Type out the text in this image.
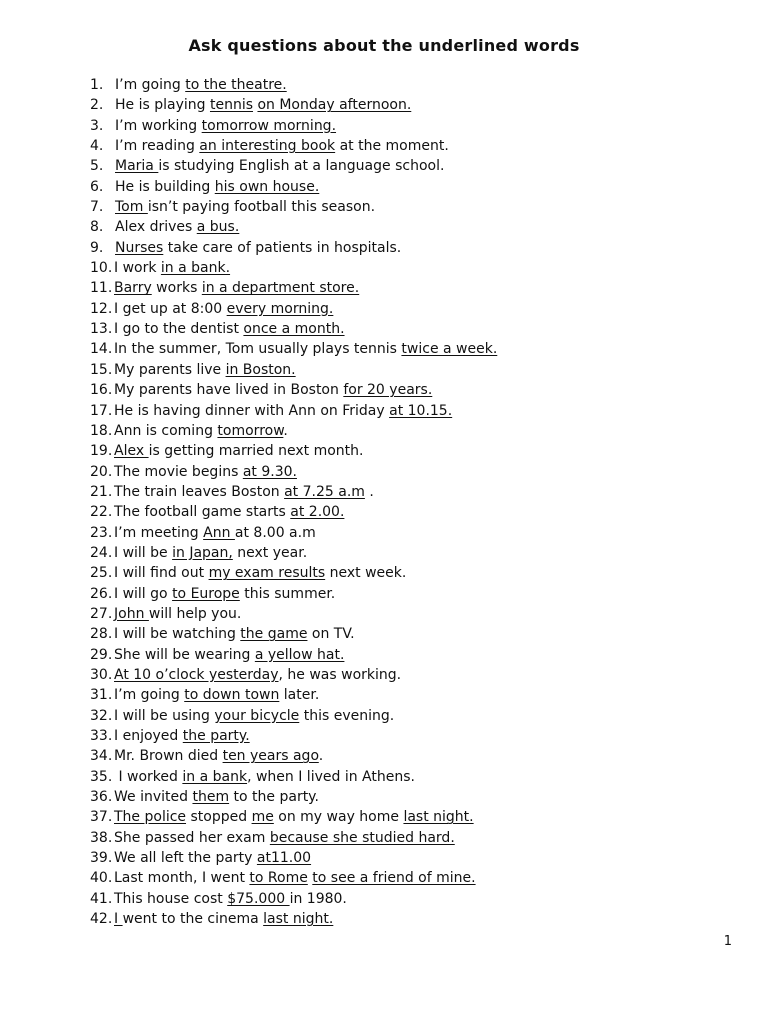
Ask questions about the underlined words
1. I’m going to the theatre.
2. He is playing tennis on Monday afternoon.
3. I’m working tomorrow morning.
4. I’m reading an interesting book at the moment.
5. Maria is studying English at a language school.
6. He is building his own house.
7. Tom isn’t paying football this season.
8. Alex drives a bus.
9. Nurses take care of patients in hospitals.
10. I work in a bank.
11. Barry works in a department store.
12. I get up at 8:00 every morning.
13. I go to the dentist once a month.
14. In the summer, Tom usually plays tennis twice a week.
15. My parents live in Boston.
16. My parents have lived in Boston for 20 years.
17. He is having dinner with Ann on Friday at 10.15.
18. Ann is coming tomorrow.
19. Alex is getting married next month.
20. The movie begins at 9.30.
21. The train leaves Boston at 7.25 a.m .
22. The football game starts at 2.00.
23. I’m meeting Ann at 8.00 a.m
24. I will be in Japan, next year.
25. I will find out my exam results next week.
26. I will go to Europe this summer.
27. John will help you.
28. I will be watching the game on TV.
29. She will be wearing a yellow hat.
30. At 10 o’clock yesterday, he was working.
31. I’m going to down town later.
32. I will be using your bicycle this evening.
33. I enjoyed the party.
34. Mr. Brown died ten years ago.
35. I worked in a bank, when I lived in Athens.
36. We invited them to the party.
37. The police stopped me on my way home last night.
38. She passed her exam because she studied hard.
39. We all left the party at11.00
40. Last month, I went to Rome to see a friend of mine.
41. This house cost $75.000 in 1980.
42. I went to the cinema last night.
1
